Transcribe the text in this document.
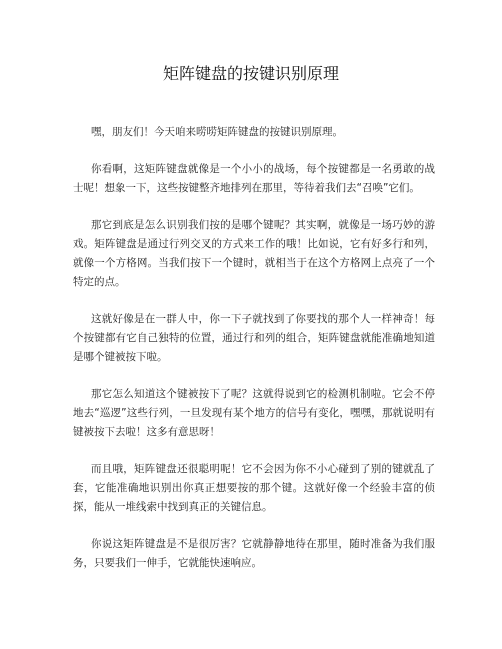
矩阵键盘的按键识别原理

嘿，朋友们！今天咱来唠唠矩阵键盘的按键识别原理。

你看啊，这矩阵键盘就像是一个小小的战场，每个按键都是一名勇敢的战士呢！想象一下，这些按键整齐地排列在那里，等待着我们去“召唤”它们。

那它到底是怎么识别我们按的是哪个键呢？其实啊，就像是一场巧妙的游戏。矩阵键盘是通过行列交叉的方式来工作的哦！比如说，它有好多行和列，就像一个方格网。当我们按下一个键时，就相当于在这个方格网上点亮了一个特定的点。

这就好像是在一群人中，你一下子就找到了你要找的那个人一样神奇！每个按键都有它自己独特的位置，通过行和列的组合，矩阵键盘就能准确地知道是哪个键被按下啦。

那它怎么知道这个键被按下了呢？这就得说到它的检测机制啦。它会不停地去“巡逻”这些行列，一旦发现有某个地方的信号有变化，嘿嘿，那就说明有键被按下去啦！这多有意思呀！

而且哦，矩阵键盘还很聪明呢！它不会因为你不小心碰到了别的键就乱了套，它能准确地识别出你真正想要按的那个键。这就好像一个经验丰富的侦探，能从一堆线索中找到真正的关键信息。

你说这矩阵键盘是不是很厉害？它就静静地待在那里，随时准备为我们服务，只要我们一伸手，它就能快速响应。
